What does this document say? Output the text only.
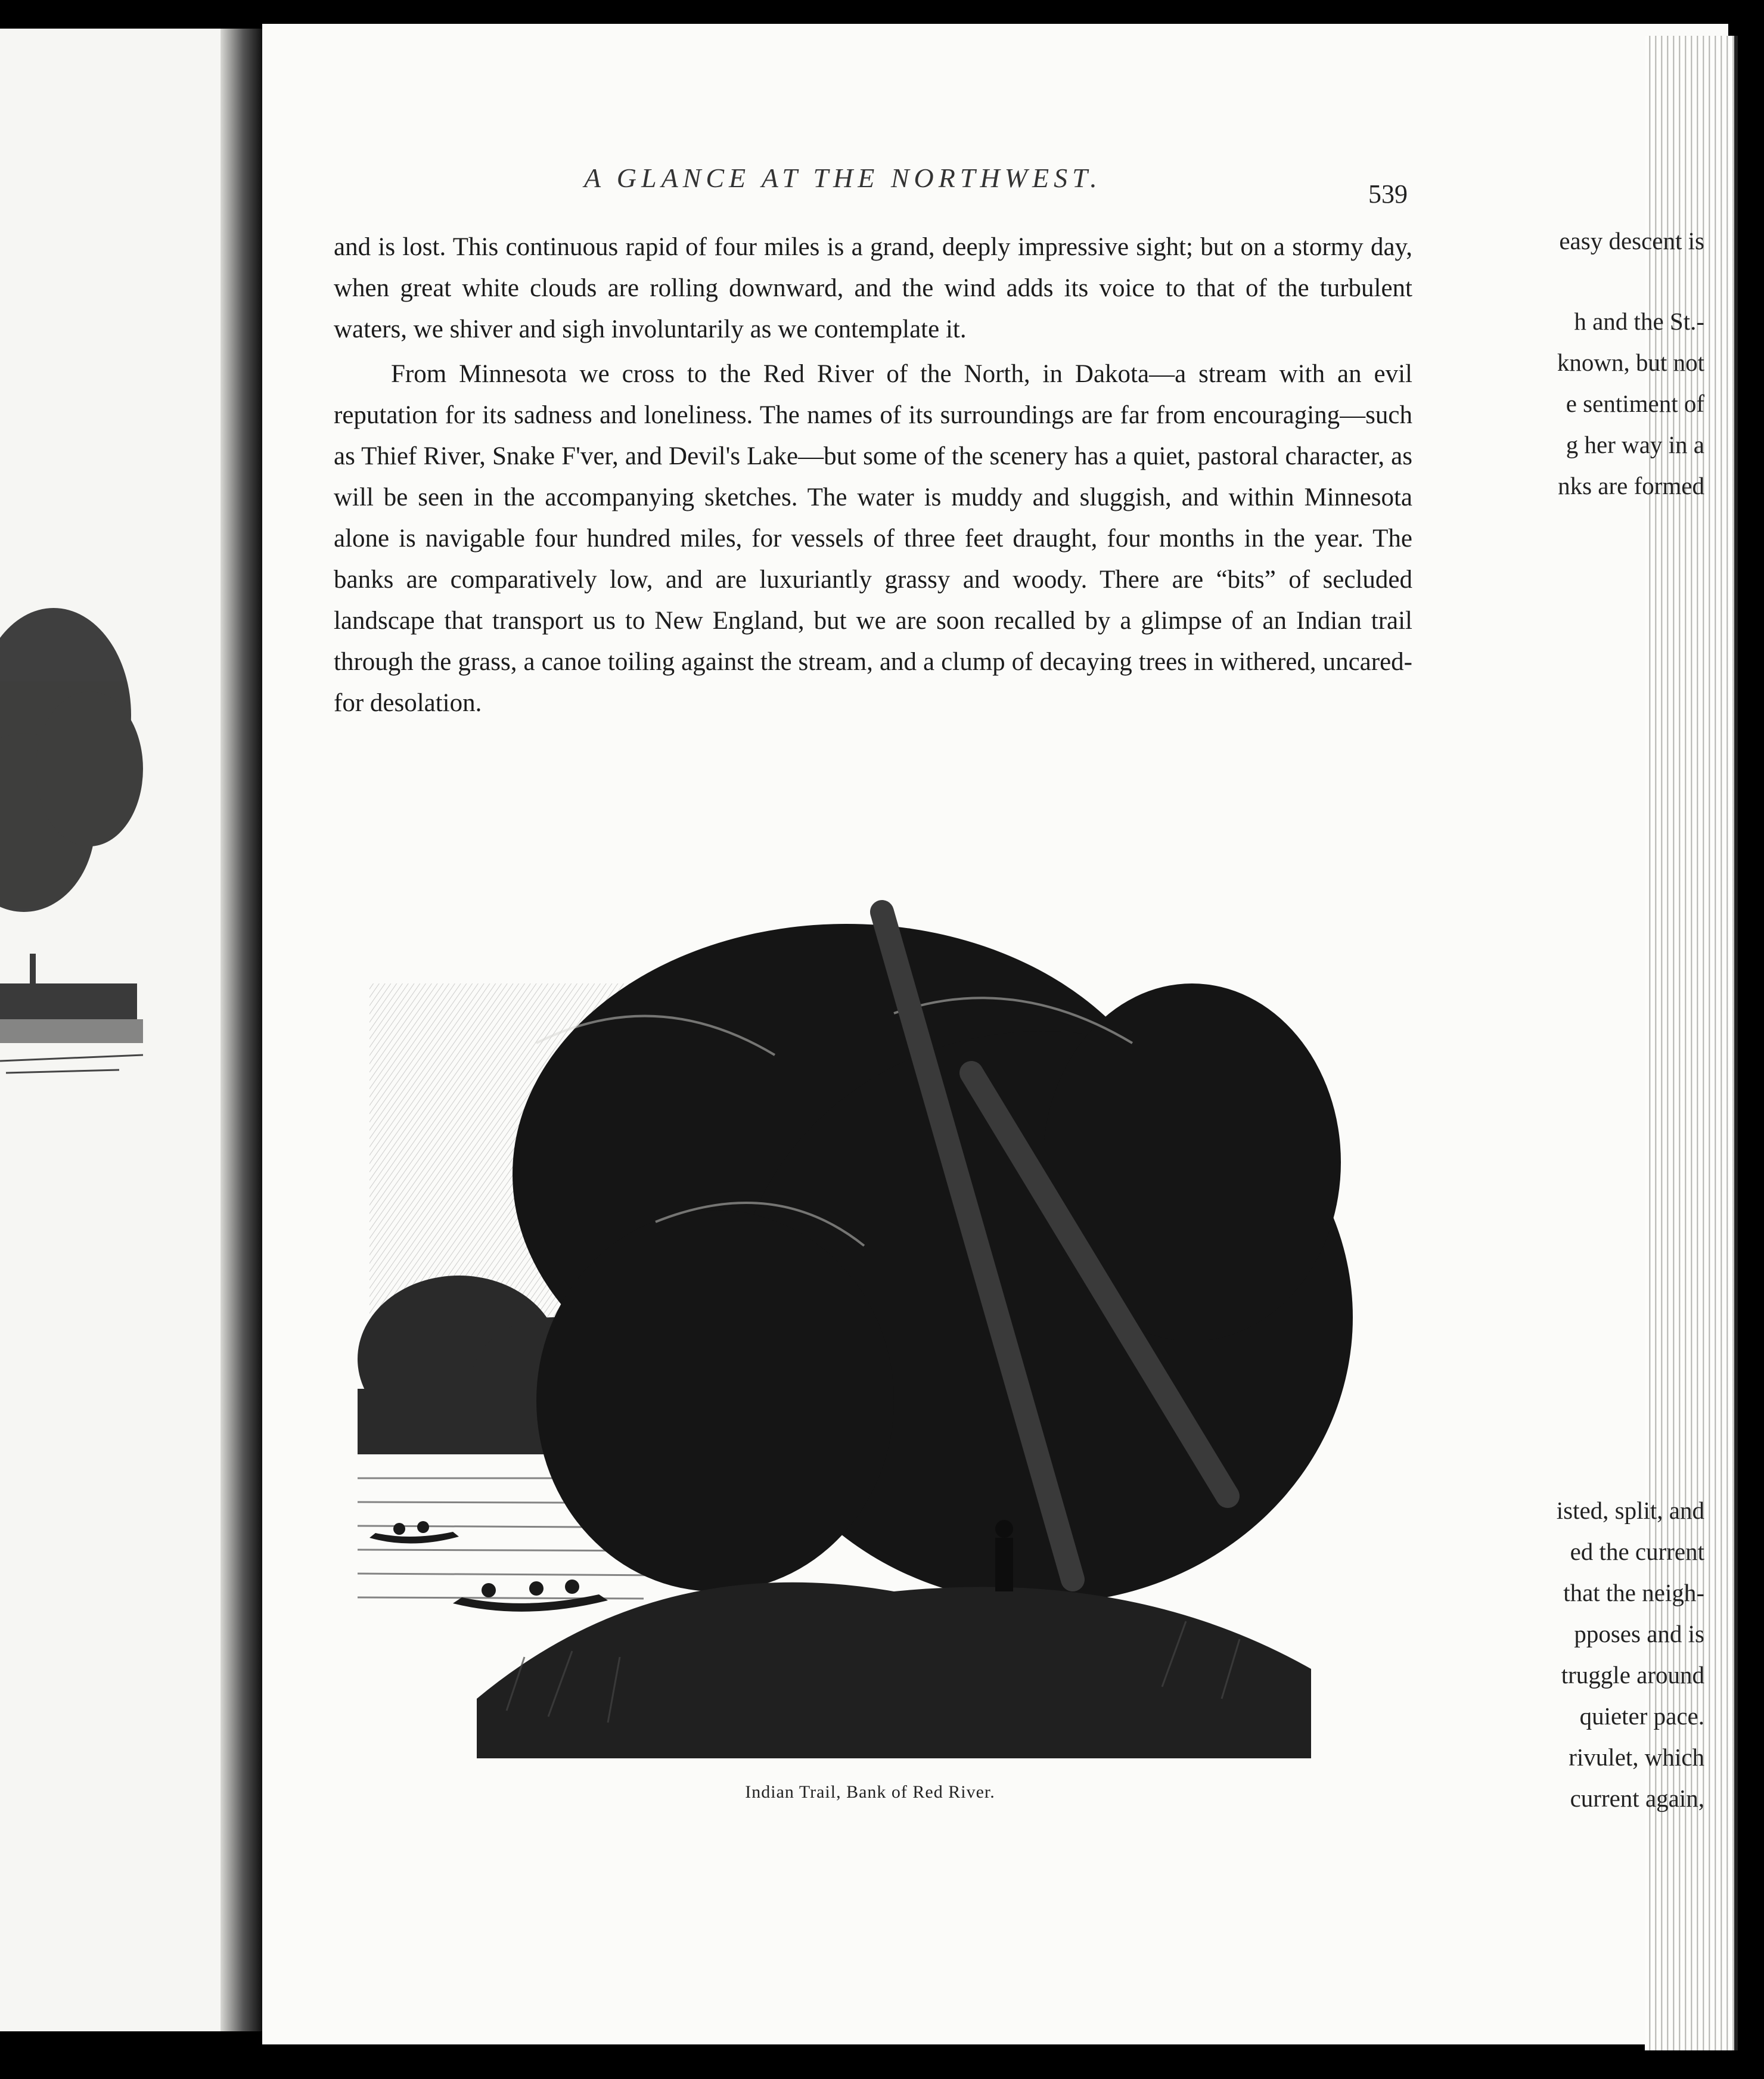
easy descent is
h and the St.-
known, but not
e sentiment of
g her way in a
nks are formed
isted, split, and
ed the current
that the neigh-
pposes and is
truggle around
quieter pace.
rivulet, which
current again,
A GLANCE AT THE NORTHWEST.
539

and is lost. This continuous rapid of four miles is a grand, deeply impressive sight; but on a stormy day, when great white clouds are rolling downward, and the wind adds its voice to that of the turbulent waters, we shiver and sigh involuntarily as we contemplate it.

From Minnesota we cross to the Red River of the North, in Dakota—a stream with an evil reputation for its sadness and loneliness. The names of its surroundings are far from encouraging—such as Thief River, Snake F'ver, and Devil's Lake—but some of the scenery has a quiet, pastoral character, as will be seen in the accompanying sketches. The water is muddy and sluggish, and within Minnesota alone is navigable four hundred miles, for vessels of three feet draught, four months in the year. The banks are comparatively low, and are luxuriantly grassy and woody. There are “bits” of secluded landscape that transport us to New England, but we are soon recalled by a glimpse of an Indian trail through the grass, a canoe toiling against the stream, and a clump of decaying trees in withered, uncared-for desolation.

Indian Trail, Bank of Red River.
